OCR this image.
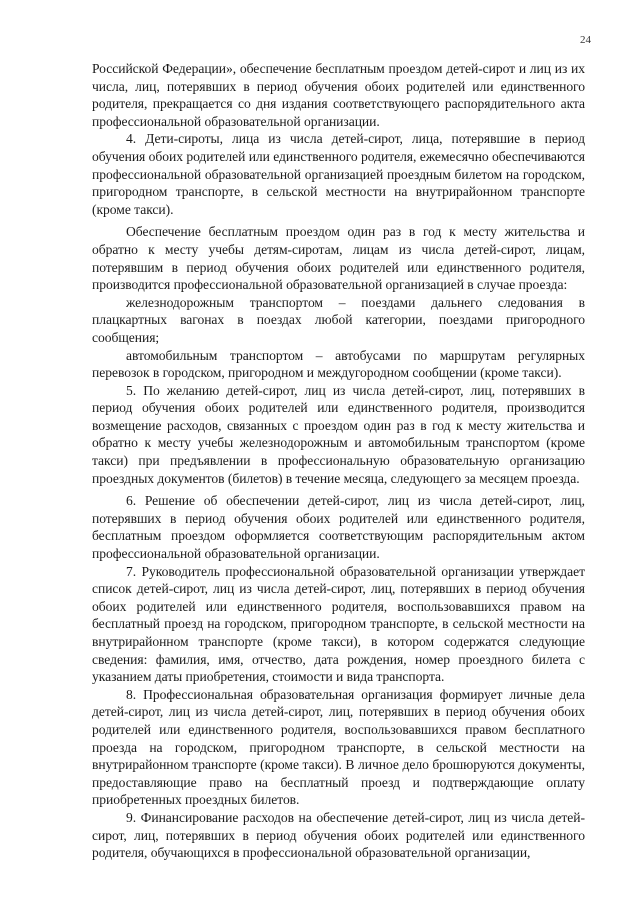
24

Российской Федерации», обеспечение бесплатным проездом детей-сирот и лиц из их числа, лиц, потерявших в период обучения обоих родителей или единственного родителя, прекращается со дня издания соответствующего распорядительного акта профессиональной образовательной организации.

4. Дети-сироты, лица из числа детей-сирот, лица, потерявшие в период обучения обоих родителей или единственного родителя, ежемесячно обеспечиваются профессиональной образовательной организацией проездным билетом на городском, пригородном транспорте, в сельской местности на внутрирайонном транспорте (кроме такси).

Обеспечение бесплатным проездом один раз в год к месту жительства и обратно к месту учебы детям-сиротам, лицам из числа детей-сирот, лицам, потерявшим в период обучения обоих родителей или единственного родителя, производится профессиональной образовательной организацией в случае проезда:

железнодорожным транспортом – поездами дальнего следования в плацкартных вагонах в поездах любой категории, поездами пригородного сообщения;

автомобильным транспортом – автобусами по маршрутам регулярных перевозок в городском, пригородном и междугородном сообщении (кроме такси).

5. По желанию детей-сирот, лиц из числа детей-сирот, лиц, потерявших в период обучения обоих родителей или единственного родителя, производится возмещение расходов, связанных с проездом один раз в год к месту жительства и обратно к месту учебы железнодорожным и автомобильным транспортом (кроме такси) при предъявлении в профессиональную образовательную организацию проездных документов (билетов) в течение месяца, следующего за месяцем проезда.

6. Решение об обеспечении детей-сирот, лиц из числа детей-сирот, лиц, потерявших в период обучения обоих родителей или единственного родителя, бесплатным проездом оформляется соответствующим распорядительным актом профессиональной образовательной организации.

7. Руководитель профессиональной образовательной организации утверждает список детей-сирот, лиц из числа детей-сирот, лиц, потерявших в период обучения обоих родителей или единственного родителя, воспользовавшихся правом на бесплатный проезд на городском, пригородном транспорте, в сельской местности на внутрирайонном транспорте (кроме такси), в котором содержатся следующие сведения: фамилия, имя, отчество, дата рождения, номер проездного билета с указанием даты приобретения, стоимости и вида транспорта.

8. Профессиональная образовательная организация формирует личные дела детей-сирот, лиц из числа детей-сирот, лиц, потерявших в период обучения обоих родителей или единственного родителя, воспользовавшихся правом бесплатного проезда на городском, пригородном транспорте, в сельской местности на внутрирайонном транспорте (кроме такси). В личное дело брошюруются документы, предоставляющие право на бесплатный проезд и подтверждающие оплату приобретенных проездных билетов.

9. Финансирование расходов на обеспечение детей-сирот, лиц из числа детей-сирот, лиц, потерявших в период обучения обоих родителей или единственного родителя, обучающихся в профессиональной образовательной организации,
